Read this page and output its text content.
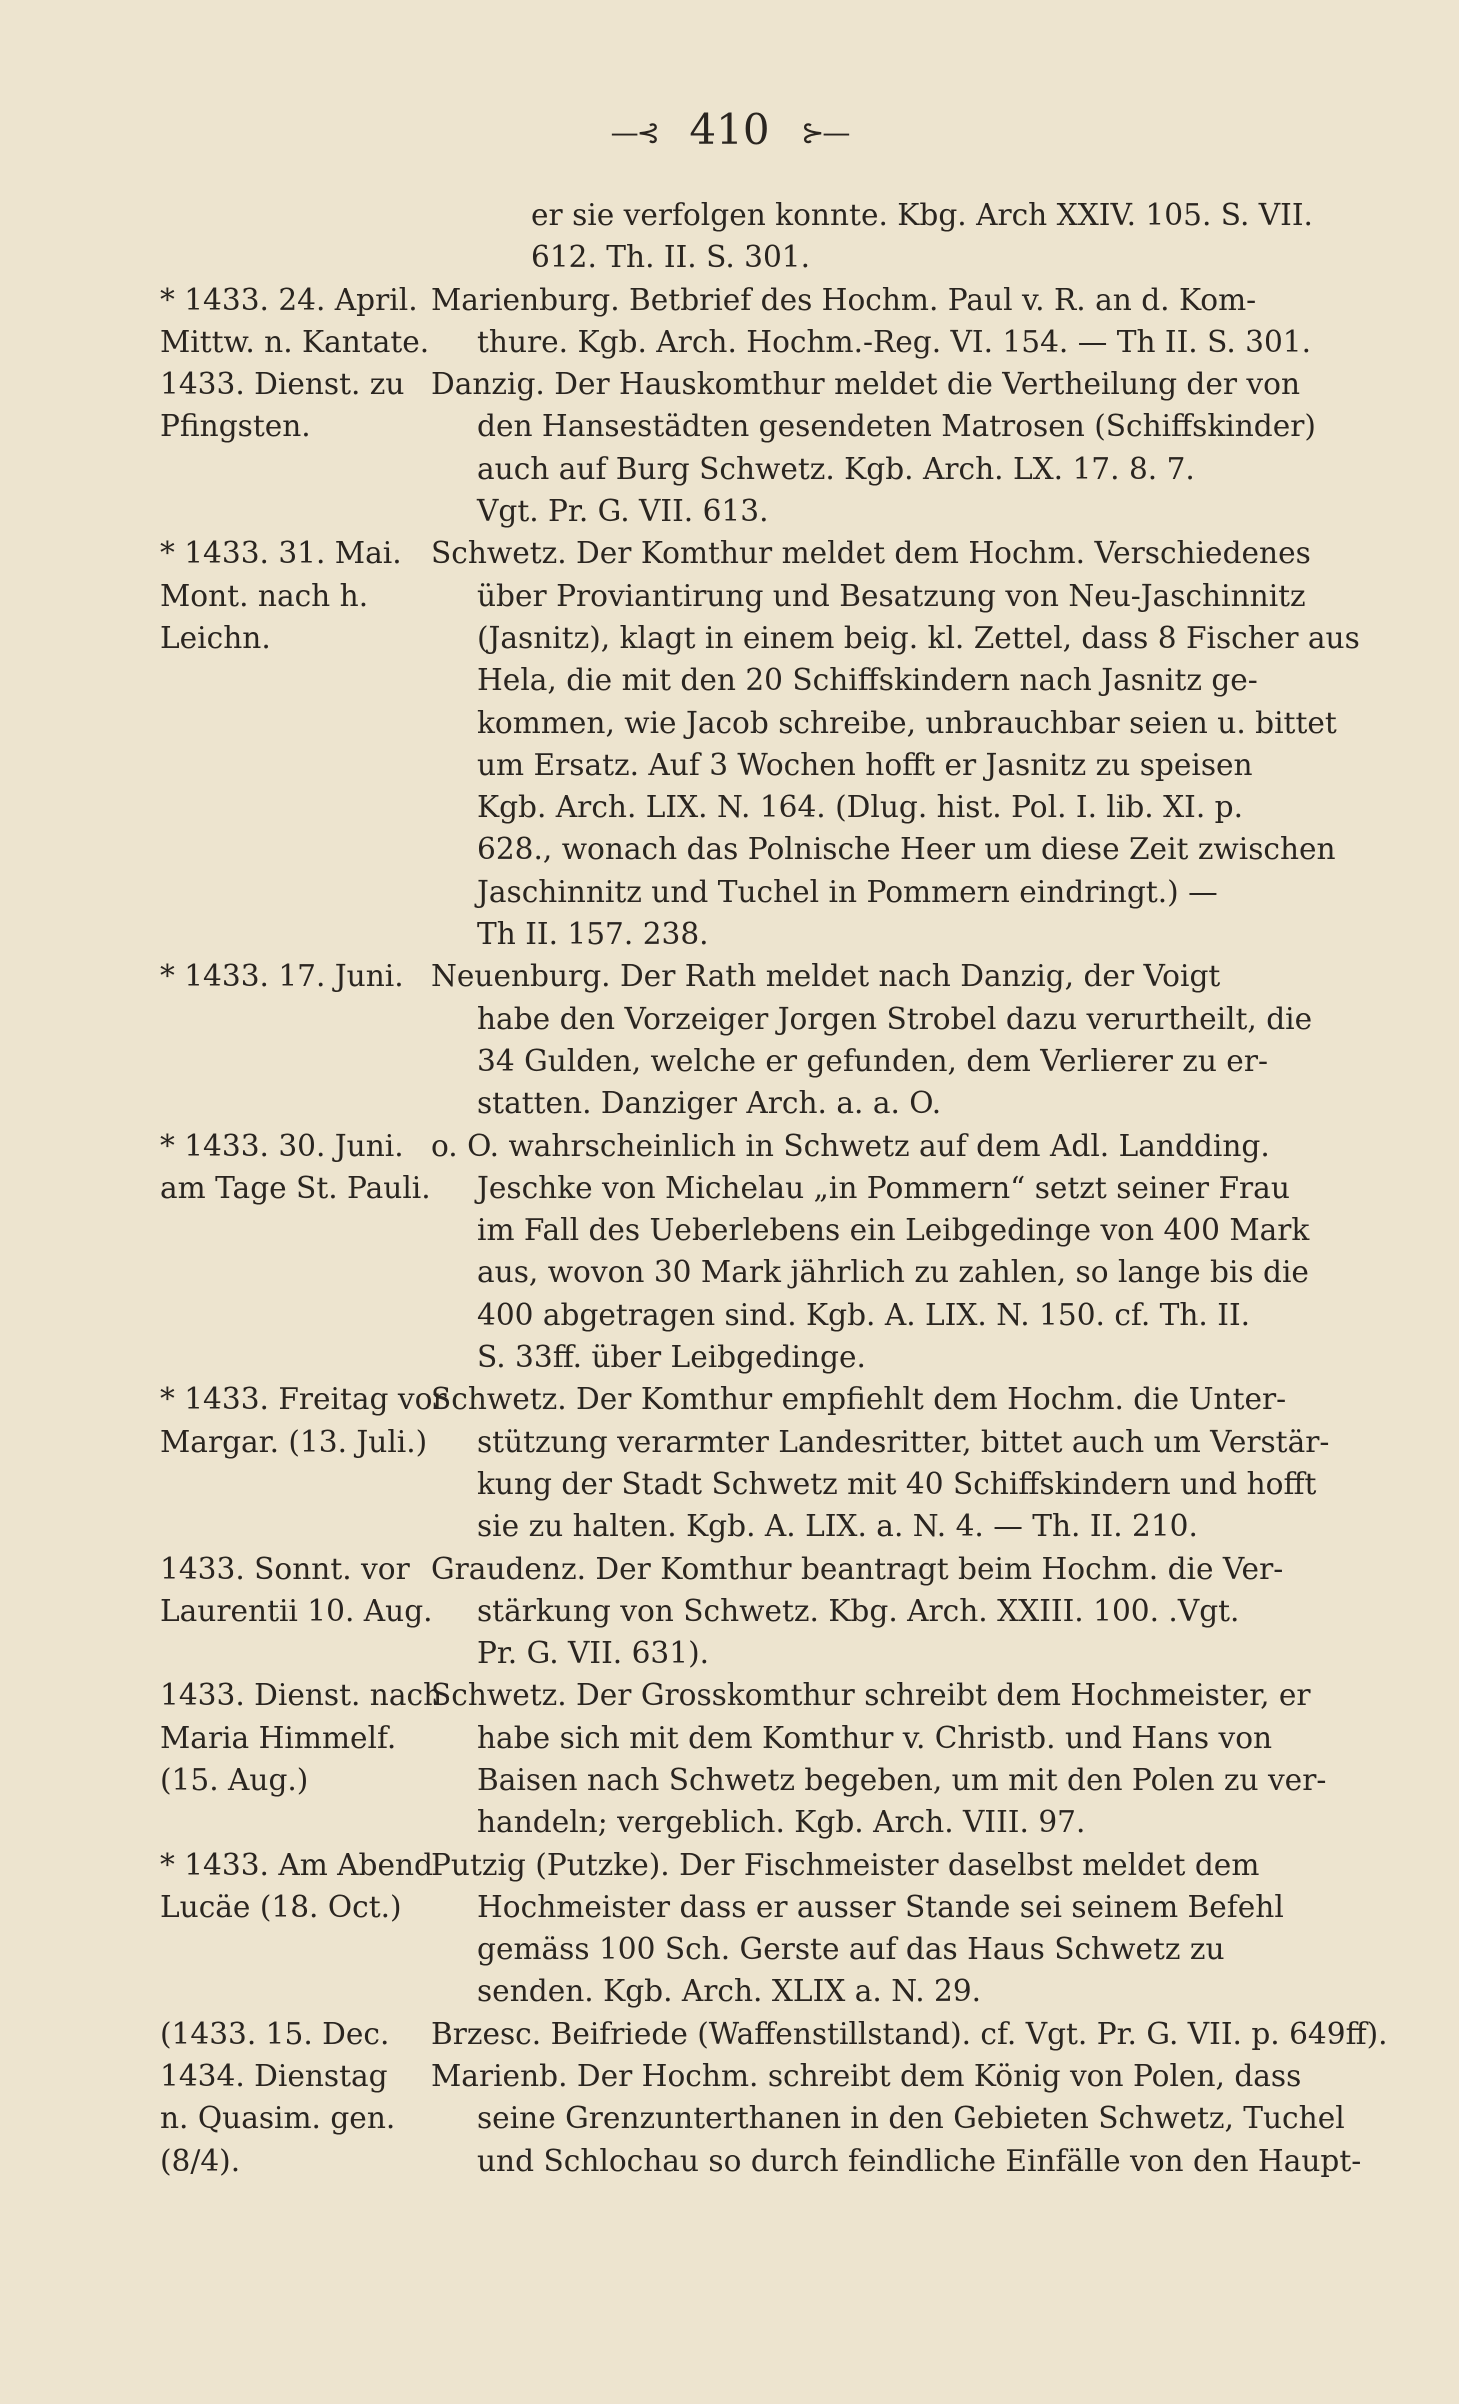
—⊰ 410 ⊱—
er sie verfolgen konnte. Kbg. Arch XXIV. 105. S. VII.
612. Th. II. S. 301.
* 1433. 24. April.
Mittw. n. Kantate.
Marienburg. Betbrief des Hochm. Paul v. R. an d. Kom-
thure. Kgb. Arch. Hochm.-Reg. VI. 154. — Th II. S. 301.
1433. Dienst. zu
Pfingsten.
Danzig. Der Hauskomthur meldet die Vertheilung der von
den Hansestädten gesendeten Matrosen (Schiffskinder)
auch auf Burg Schwetz. Kgb. Arch. LX. 17. 8. 7.
Vgt. Pr. G. VII. 613.
* 1433. 31. Mai.
Mont. nach h. Leichn.
Schwetz. Der Komthur meldet dem Hochm. Verschiedenes
über Proviantirung und Besatzung von Neu-Jaschinnitz
(Jasnitz), klagt in einem beig. kl. Zettel, dass 8 Fischer aus
Hela, die mit den 20 Schiffskindern nach Jasnitz ge-
kommen, wie Jacob schreibe, unbrauchbar seien u. bittet
um Ersatz. Auf 3 Wochen hofft er Jasnitz zu speisen
Kgb. Arch. LIX. N. 164. (Dlug. hist. Pol. I. lib. XI. p.
628., wonach das Polnische Heer um diese Zeit zwischen
Jaschinnitz und Tuchel in Pommern eindringt.) —
Th II. 157. 238.
* 1433. 17. Juni. Neuenburg. Der Rath meldet nach Danzig, der Voigt
habe den Vorzeiger Jorgen Strobel dazu verurtheilt, die
34 Gulden, welche er gefunden, dem Verlierer zu er-
statten. Danziger Arch. a. a. O.
* 1433. 30. Juni.
am Tage St. Pauli.
o. O. wahrscheinlich in Schwetz auf dem Adl. Landding.
Jeschke von Michelau „in Pommern“ setzt seiner Frau
im Fall des Ueberlebens ein Leibgedinge von 400 Mark
aus, wovon 30 Mark jährlich zu zahlen, so lange bis die
400 abgetragen sind. Kgb. A. LIX. N. 150. cf. Th. II.
S. 33ff. über Leibgedinge.
* 1433. Freitag vor
Margar. (13. Juli.)
Schwetz. Der Komthur empfiehlt dem Hochm. die Unter-
stützung verarmter Landesritter, bittet auch um Verstär-
kung der Stadt Schwetz mit 40 Schiffskindern und hofft
sie zu halten. Kgb. A. LIX. a. N. 4. — Th. II. 210.
1433. Sonnt. vor
Laurentii 10. Aug.
Graudenz. Der Komthur beantragt beim Hochm. die Ver-
stärkung von Schwetz. Kbg. Arch. XXIII. 100. .Vgt.
Pr. G. VII. 631).
1433. Dienst. nach
Maria Himmelf.
(15. Aug.)
Schwetz. Der Grosskomthur schreibt dem Hochmeister, er
habe sich mit dem Komthur v. Christb. und Hans von
Baisen nach Schwetz begeben, um mit den Polen zu ver-
handeln; vergeblich. Kgb. Arch. VIII. 97.
* 1433. Am Abend
Lucäe (18. Oct.)
Putzig (Putzke). Der Fischmeister daselbst meldet dem
Hochmeister dass er ausser Stande sei seinem Befehl
gemäss 100 Sch. Gerste auf das Haus Schwetz zu
senden. Kgb. Arch. XLIX a. N. 29.
(1433. 15. Dec.	Brzesc. Beifriede (Waffenstillstand). cf. Vgt. Pr. G. VII. p. 649ff).
1434. Dienstag
n. Quasim. gen. (8/4).
Marienb. Der Hochm. schreibt dem König von Polen, dass
seine Grenzunterthanen in den Gebieten Schwetz, Tuchel
und Schlochau so durch feindliche Einfälle von den Haupt-
